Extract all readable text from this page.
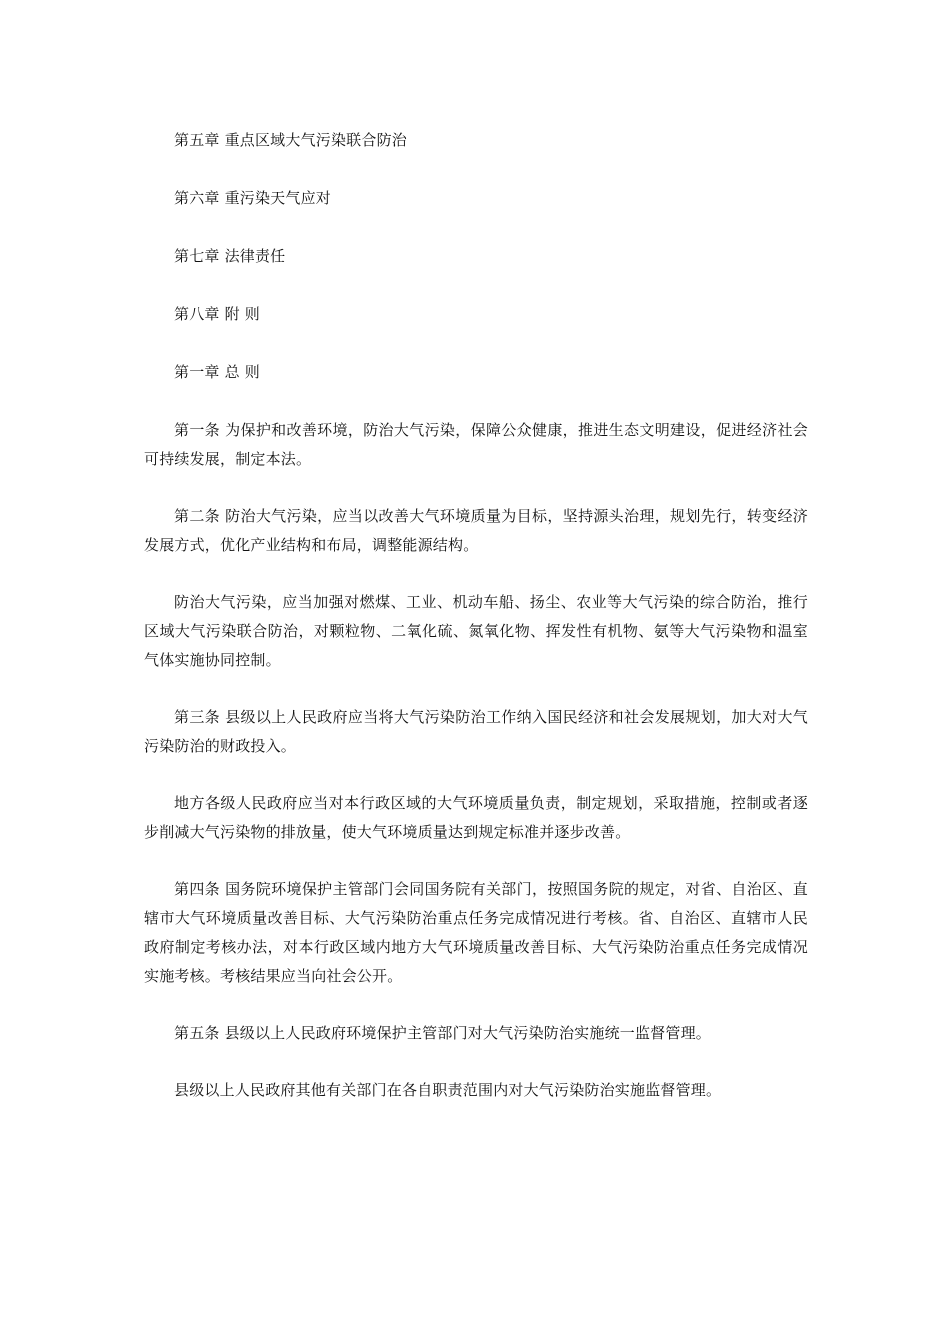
第五章 重点区域大气污染联合防治

第六章 重污染天气应对

第七章 法律责任

第八章 附 则

第一章 总 则

第一条 为保护和改善环境，防治大气污染，保障公众健康，推进生态文明建设，促进经济社会可持续发展，制定本法。

第二条 防治大气污染，应当以改善大气环境质量为目标，坚持源头治理，规划先行，转变经济发展方式，优化产业结构和布局，调整能源结构。

防治大气污染，应当加强对燃煤、工业、机动车船、扬尘、农业等大气污染的综合防治，推行区域大气污染联合防治，对颗粒物、二氧化硫、氮氧化物、挥发性有机物、氨等大气污染物和温室气体实施协同控制。

第三条 县级以上人民政府应当将大气污染防治工作纳入国民经济和社会发展规划，加大对大气污染防治的财政投入。

地方各级人民政府应当对本行政区域的大气环境质量负责，制定规划，采取措施，控制或者逐步削减大气污染物的排放量，使大气环境质量达到规定标准并逐步改善。

第四条 国务院环境保护主管部门会同国务院有关部门，按照国务院的规定，对省、自治区、直辖市大气环境质量改善目标、大气污染防治重点任务完成情况进行考核。省、自治区、直辖市人民政府制定考核办法，对本行政区域内地方大气环境质量改善目标、大气污染防治重点任务完成情况实施考核。考核结果应当向社会公开。

第五条 县级以上人民政府环境保护主管部门对大气污染防治实施统一监督管理。

县级以上人民政府其他有关部门在各自职责范围内对大气污染防治实施监督管理。
